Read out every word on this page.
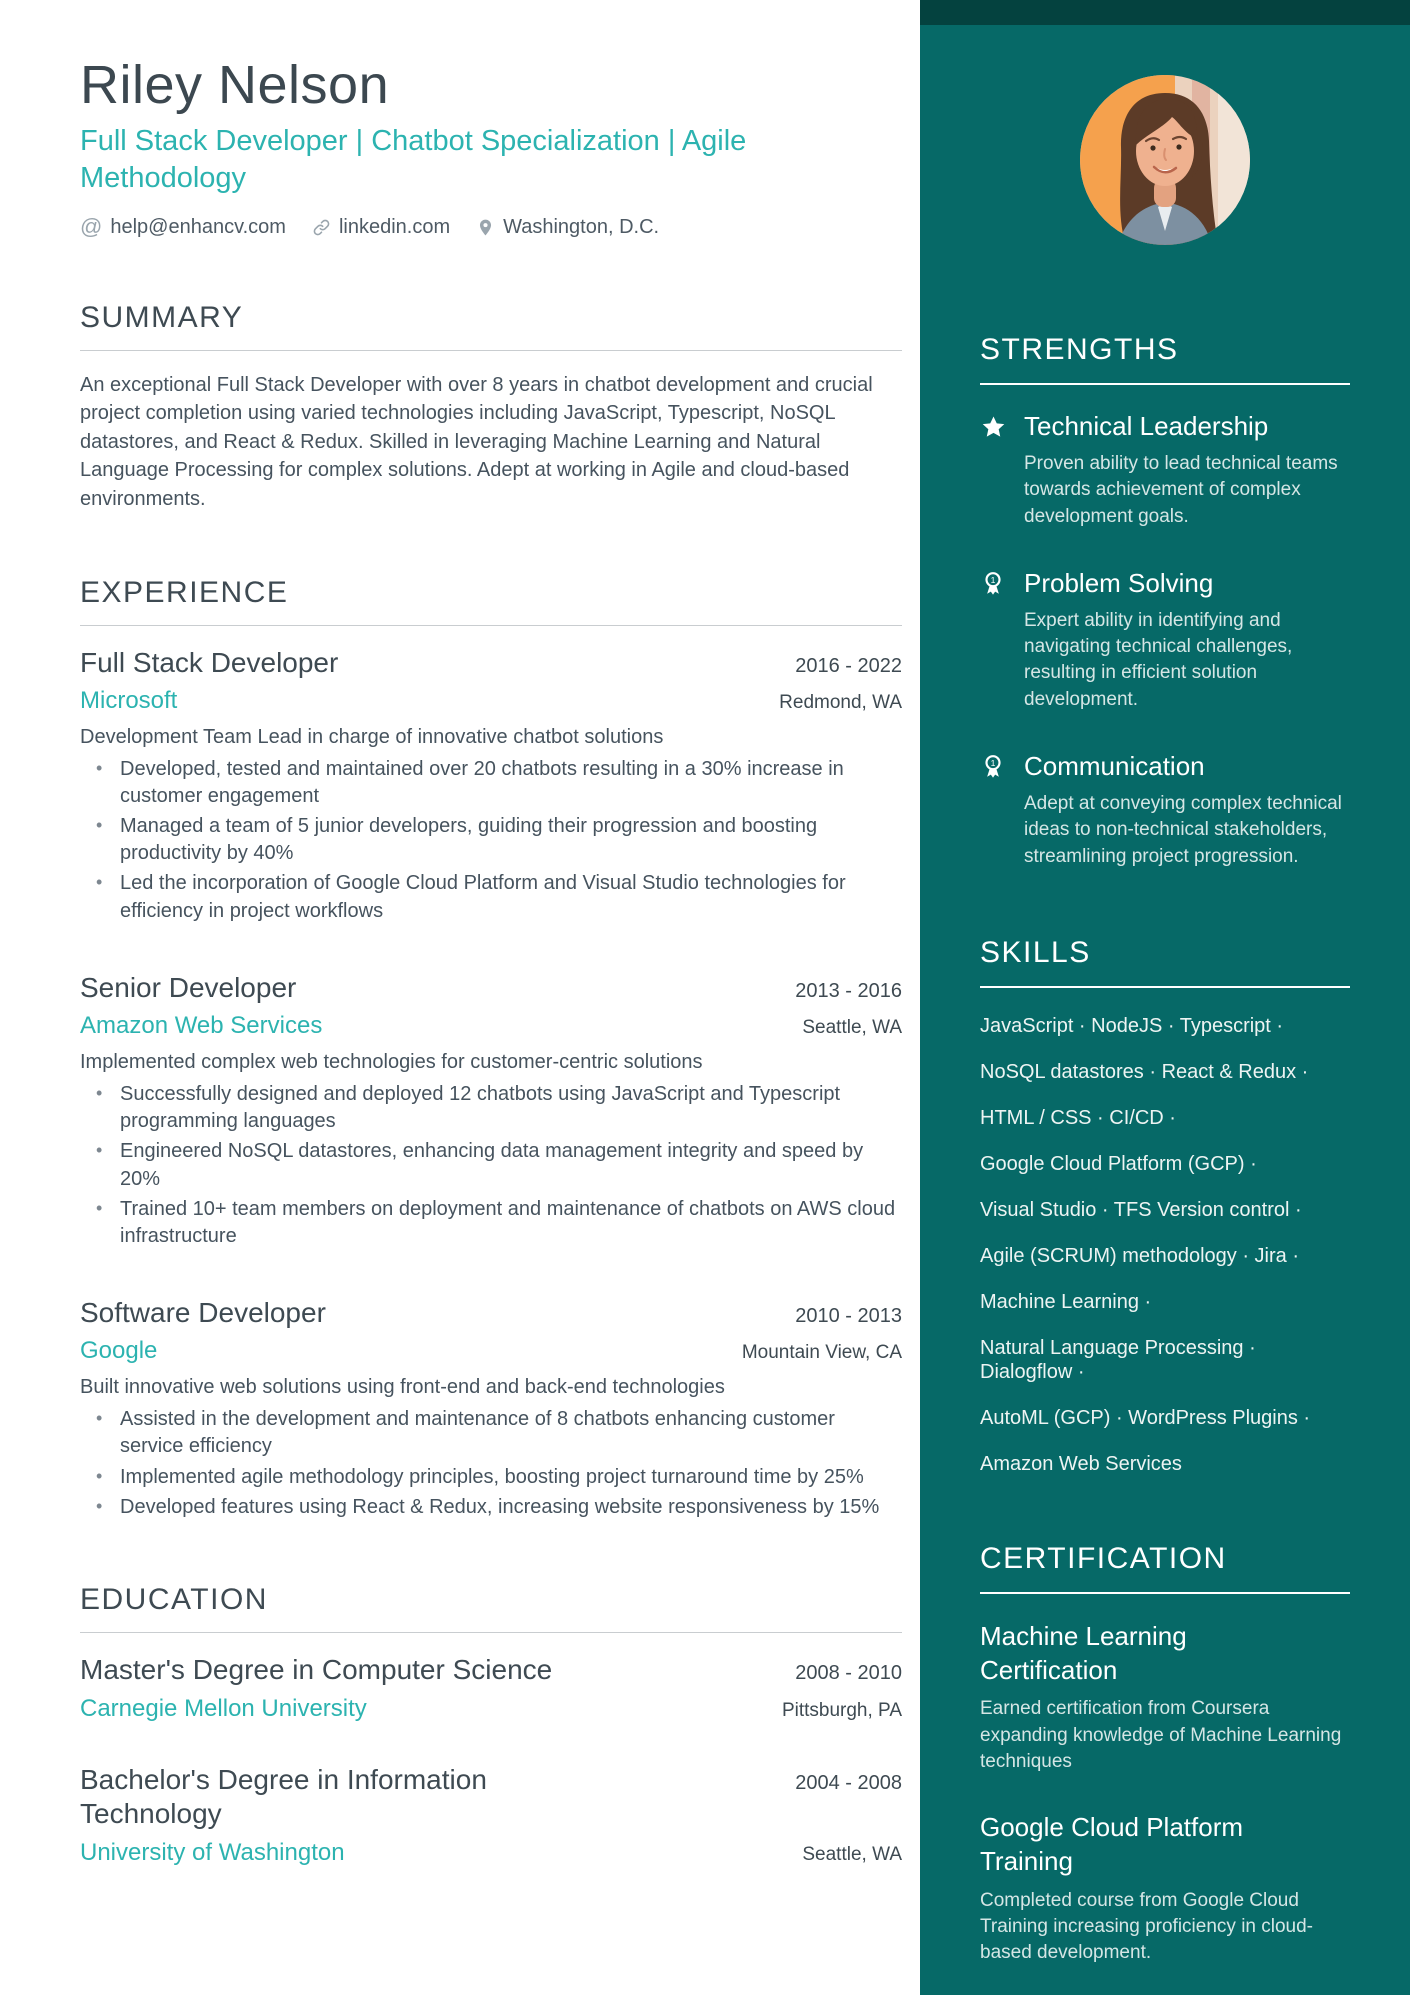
Riley Nelson
Full Stack Developer | Chatbot Specialization | Agile Methodology
@ help@enhancv.com	linkedin.com	Washington, D.C.
SUMMARY

An exceptional Full Stack Developer with over 8 years in chatbot development and crucial project completion using varied technologies including JavaScript, Typescript, NoSQL datastores, and React & Redux. Skilled in leveraging Machine Learning and Natural Language Processing for complex solutions. Adept at working in Agile and cloud-based environments.

EXPERIENCE
Full Stack Developer	2016 - 2022
Microsoft	Redmond, WA
Development Team Lead in charge of innovative chatbot solutions
• Developed, tested and maintained over 20 chatbots resulting in a 30% increase in customer engagement
• Managed a team of 5 junior developers, guiding their progression and boosting productivity by 40%
• Led the incorporation of Google Cloud Platform and Visual Studio technologies for efficiency in project workflows
Senior Developer	2013 - 2016
Amazon Web Services	Seattle, WA
Implemented complex web technologies for customer-centric solutions
• Successfully designed and deployed 12 chatbots using JavaScript and Typescript programming languages
• Engineered NoSQL datastores, enhancing data management integrity and speed by 20%
• Trained 10+ team members on deployment and maintenance of chatbots on AWS cloud infrastructure
Software Developer	2010 - 2013
Google	Mountain View, CA
Built innovative web solutions using front-end and back-end technologies
• Assisted in the development and maintenance of 8 chatbots enhancing customer service efficiency
• Implemented agile methodology principles, boosting project turnaround time by 25%
• Developed features using React & Redux, increasing website responsiveness by 15%
EDUCATION
Master's Degree in Computer Science	2008 - 2010
Carnegie Mellon University	Pittsburgh, PA
Bachelor's Degree in Information Technology
2004 - 2008
University of Washington	Seattle, WA
STRENGTHS
Technical Leadership
Proven ability to lead technical teams towards achievement of complex development goals.
1 Problem Solving
Expert ability in identifying and navigating technical challenges, resulting in efficient solution development.
1 Communication
Adept at conveying complex technical ideas to non-technical stakeholders, streamlining project progression.
SKILLS
JavaScript · NodeJS · Typescript ·
NoSQL datastores · React & Redux ·
HTML / CSS · CI/CD ·
Google Cloud Platform (GCP) ·
Visual Studio · TFS Version control ·
Agile (SCRUM) methodology · Jira ·
Machine Learning ·
Natural Language Processing · Dialogflow ·
AutoML (GCP) · WordPress Plugins ·
Amazon Web Services
CERTIFICATION
Machine Learning Certification
Earned certification from Coursera expanding knowledge of Machine Learning techniques
Google Cloud Platform Training
Completed course from Google Cloud Training increasing proficiency in cloud-based development.
